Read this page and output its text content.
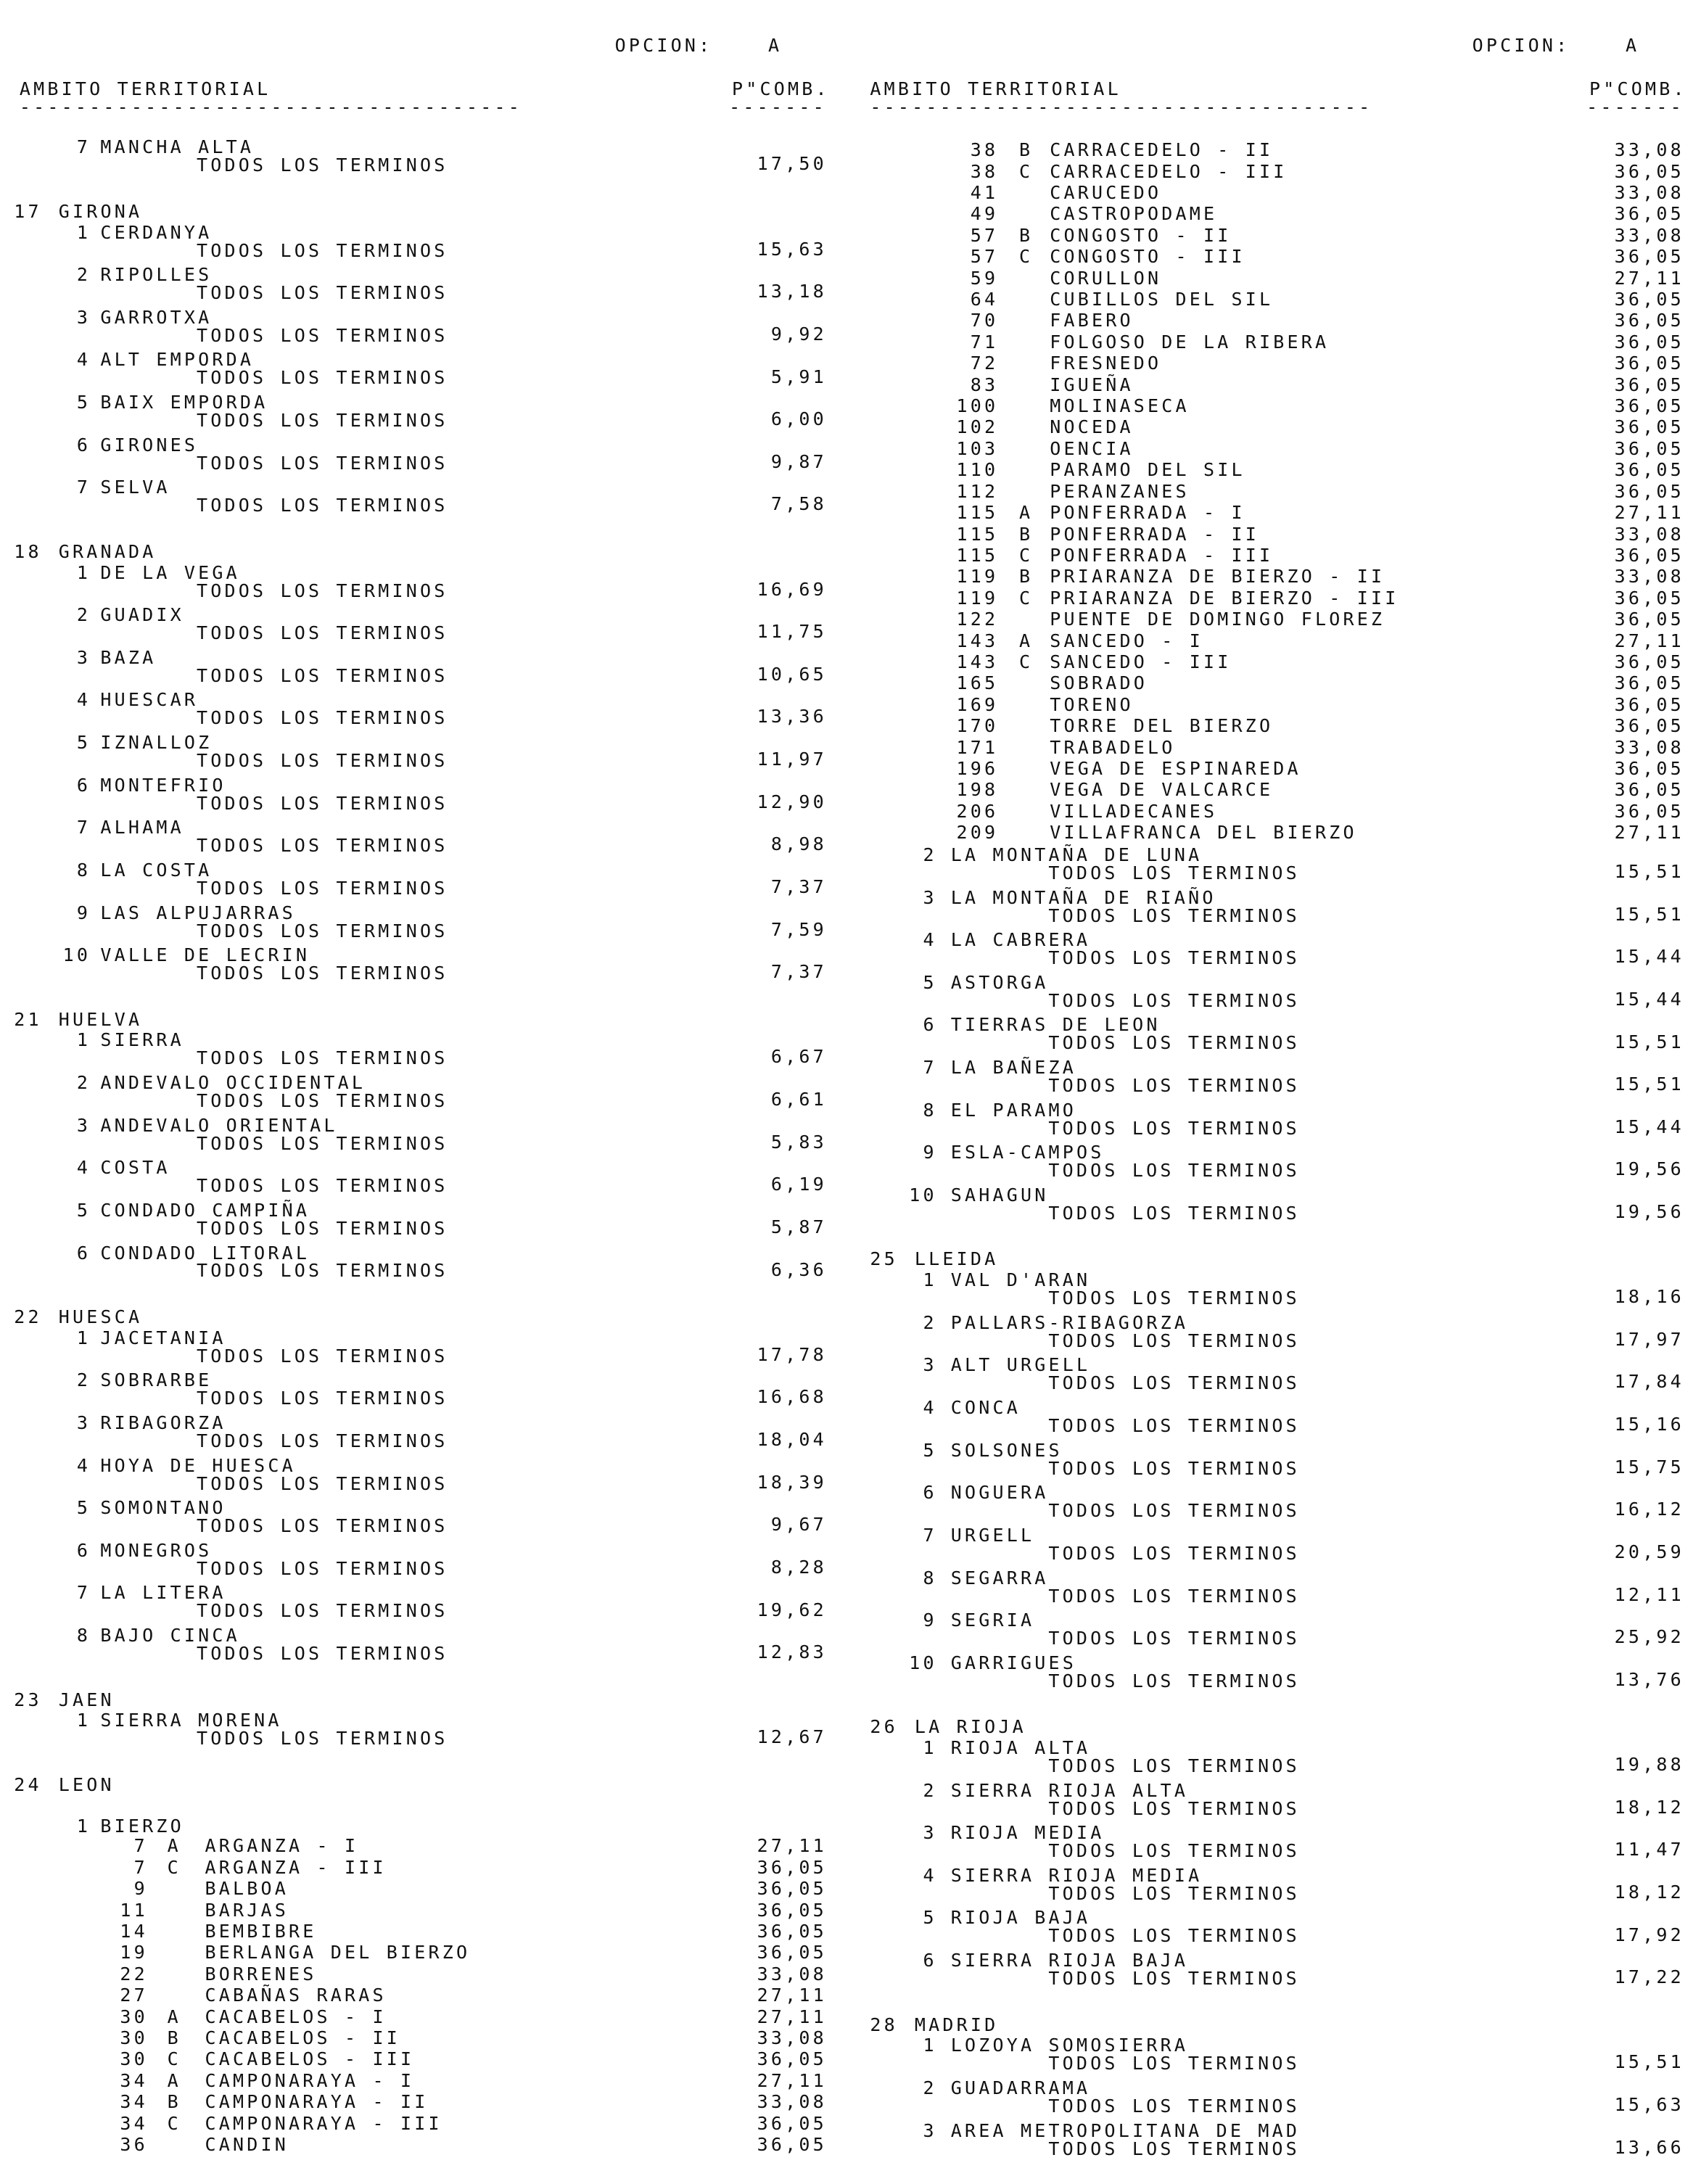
OPCION:	A
AMBITO TERRITORIAL
------------------------------------
P"COMB.
-------
7 MANCHA ALTA
TODOS LOS TERMINOS	17,50
17 GIRONA
1 CERDANYA
TODOS LOS TERMINOS	15,63
2 RIPOLLES
TODOS LOS TERMINOS	13,18
3 GARROTXA
TODOS LOS TERMINOS	9,92
4 ALT EMPORDA
TODOS LOS TERMINOS	5,91
5 BAIX EMPORDA
TODOS LOS TERMINOS	6,00
6 GIRONES
TODOS LOS TERMINOS	9,87
7 SELVA
TODOS LOS TERMINOS	7,58
18 GRANADA
1 DE LA VEGA
TODOS LOS TERMINOS	16,69
2 GUADIX
TODOS LOS TERMINOS	11,75
3 BAZA
TODOS LOS TERMINOS	10,65
4 HUESCAR
TODOS LOS TERMINOS	13,36
5 IZNALLOZ
TODOS LOS TERMINOS	11,97
6 MONTEFRIO
TODOS LOS TERMINOS	12,90
7 ALHAMA
TODOS LOS TERMINOS	8,98
8 LA COSTA
TODOS LOS TERMINOS	7,37
9 LAS ALPUJARRAS
TODOS LOS TERMINOS	7,59
10 VALLE DE LECRIN
TODOS LOS TERMINOS	7,37
21 HUELVA
1 SIERRA
TODOS LOS TERMINOS	6,67
2 ANDEVALO OCCIDENTAL
TODOS LOS TERMINOS	6,61
3 ANDEVALO ORIENTAL
TODOS LOS TERMINOS	5,83
4 COSTA
TODOS LOS TERMINOS	6,19
5 CONDADO CAMPIÑA
TODOS LOS TERMINOS	5,87
6 CONDADO LITORAL
TODOS LOS TERMINOS	6,36
22 HUESCA
1 JACETANIA
TODOS LOS TERMINOS	17,78
2 SOBRARBE
TODOS LOS TERMINOS	16,68
3 RIBAGORZA
TODOS LOS TERMINOS	18,04
4 HOYA DE HUESCA
TODOS LOS TERMINOS	18,39
5 SOMONTANO
TODOS LOS TERMINOS	9,67
6 MONEGROS
TODOS LOS TERMINOS	8,28
7 LA LITERA
TODOS LOS TERMINOS	19,62
8 BAJO CINCA
TODOS LOS TERMINOS	12,83
23 JAEN
1 SIERRA MORENA
TODOS LOS TERMINOS	12,67
24 LEON
1 BIERZO
7 A ARGANZA - I	27,11
7 C ARGANZA - III	36,05
9	BALBOA	36,05
11	BARJAS	36,05
14	BEMBIBRE	36,05
19	BERLANGA DEL BIERZO	36,05
22	BORRENES	33,08
27	CABAÑAS RARAS	27,11
30 A CACABELOS - I	27,11
30 B CACABELOS - II	33,08
30 C CACABELOS - III	36,05
34 A CAMPONARAYA - I	27,11
34 B CAMPONARAYA - II	33,08
34 C CAMPONARAYA - III	36,05
36	CANDIN	36,05
OPCION:	A
AMBITO TERRITORIAL
------------------------------------
P"COMB.
-------
38 B CARRACEDELO - II	33,08
38 C CARRACEDELO - III	36,05
41	CARUCEDO	33,08
49	CASTROPODAME	36,05
57 B CONGOSTO - II	33,08
57 C CONGOSTO - III	36,05
59	CORULLON	27,11
64	CUBILLOS DEL SIL	36,05
70	FABERO	36,05
71	FOLGOSO DE LA RIBERA	36,05
72	FRESNEDO	36,05
83	IGUEÑA	36,05
100	MOLINASECA	36,05
102	NOCEDA	36,05
103	OENCIA	36,05
110	PARAMO DEL SIL	36,05
112	PERANZANES	36,05
115 A PONFERRADA - I	27,11
115 B PONFERRADA - II	33,08
115 C PONFERRADA - III	36,05
119 B PRIARANZA DE BIERZO - II	33,08
119 C PRIARANZA DE BIERZO - III	36,05
122	PUENTE DE DOMINGO FLOREZ	36,05
143 A SANCEDO - I	27,11
143 C SANCEDO - III	36,05
165	SOBRADO	36,05
169	TORENO	36,05
170	TORRE DEL BIERZO	36,05
171	TRABADELO	33,08
196	VEGA DE ESPINAREDA	36,05
198	VEGA DE VALCARCE	36,05
206	VILLADECANES	36,05
209	VILLAFRANCA DEL BIERZO	27,11
2 LA MONTAÑA DE LUNA
TODOS LOS TERMINOS	15,51
3 LA MONTAÑA DE RIAÑO
TODOS LOS TERMINOS	15,51
4 LA CABRERA
TODOS LOS TERMINOS	15,44
5 ASTORGA
TODOS LOS TERMINOS	15,44
6 TIERRAS DE LEON
TODOS LOS TERMINOS	15,51
7 LA BAÑEZA
TODOS LOS TERMINOS	15,51
8 EL PARAMO
TODOS LOS TERMINOS	15,44
9 ESLA-CAMPOS
TODOS LOS TERMINOS	19,56
10 SAHAGUN
TODOS LOS TERMINOS	19,56
25 LLEIDA
1 VAL D'ARAN
TODOS LOS TERMINOS	18,16
2 PALLARS-RIBAGORZA
TODOS LOS TERMINOS	17,97
3 ALT URGELL
TODOS LOS TERMINOS	17,84
4 CONCA
TODOS LOS TERMINOS	15,16
5 SOLSONES
TODOS LOS TERMINOS	15,75
6 NOGUERA
TODOS LOS TERMINOS	16,12
7 URGELL
TODOS LOS TERMINOS	20,59
8 SEGARRA
TODOS LOS TERMINOS	12,11
9 SEGRIA
TODOS LOS TERMINOS	25,92
10 GARRIGUES
TODOS LOS TERMINOS	13,76
26 LA RIOJA
1 RIOJA ALTA
TODOS LOS TERMINOS	19,88
2 SIERRA RIOJA ALTA
TODOS LOS TERMINOS	18,12
3 RIOJA MEDIA
TODOS LOS TERMINOS	11,47
4 SIERRA RIOJA MEDIA
TODOS LOS TERMINOS	18,12
5 RIOJA BAJA
TODOS LOS TERMINOS	17,92
6 SIERRA RIOJA BAJA
TODOS LOS TERMINOS	17,22
28 MADRID
1 LOZOYA SOMOSIERRA
TODOS LOS TERMINOS	15,51
2 GUADARRAMA
TODOS LOS TERMINOS	15,63
3 AREA METROPOLITANA DE MAD
TODOS LOS TERMINOS	13,66
